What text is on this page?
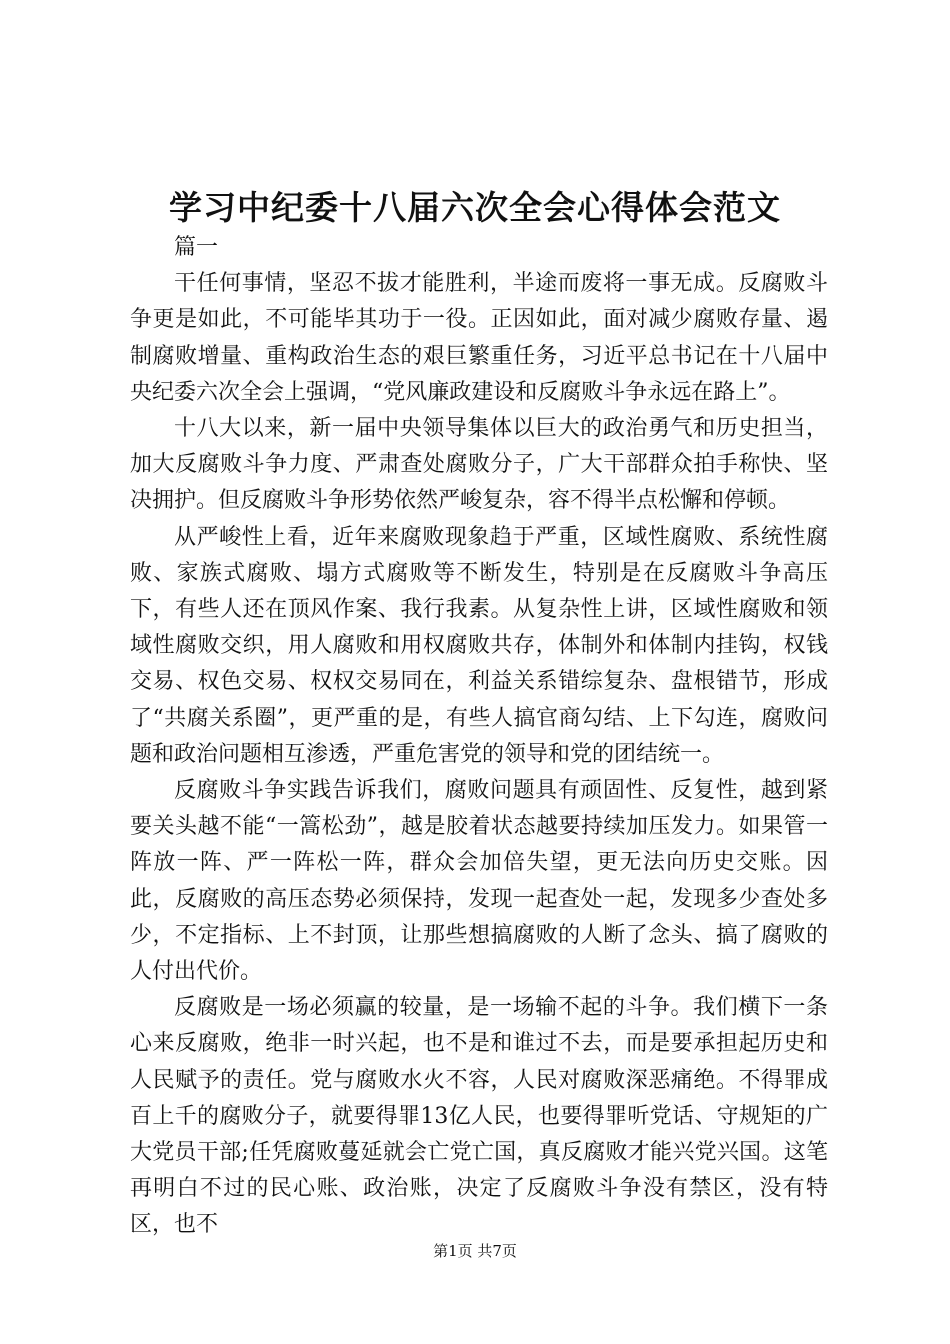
学习中纪委十八届六次全会心得体会范文

篇一

干任何事情，坚忍不拔才能胜利，半途而废将一事无成。反腐败斗争更是如此，不可能毕其功于一役。正因如此，面对减少腐败存量、遏制腐败增量、重构政治生态的艰巨繁重任务，习近平总书记在十八届中央纪委六次全会上强调，“党风廉政建设和反腐败斗争永远在路上”。

十八大以来，新一届中央领导集体以巨大的政治勇气和历史担当，加大反腐败斗争力度、严肃查处腐败分子，广大干部群众拍手称快、坚决拥护。但反腐败斗争形势依然严峻复杂，容不得半点松懈和停顿。

从严峻性上看，近年来腐败现象趋于严重，区域性腐败、系统性腐败、家族式腐败、塌方式腐败等不断发生，特别是在反腐败斗争高压下，有些人还在顶风作案、我行我素。从复杂性上讲，区域性腐败和领域性腐败交织，用人腐败和用权腐败共存，体制外和体制内挂钩，权钱交易、权色交易、权权交易同在，利益关系错综复杂、盘根错节，形成了“共腐关系圈”，更严重的是，有些人搞官商勾结、上下勾连，腐败问题和政治问题相互渗透，严重危害党的领导和党的团结统一。

反腐败斗争实践告诉我们，腐败问题具有顽固性、反复性，越到紧要关头越不能“一篙松劲”，越是胶着状态越要持续加压发力。如果管一阵放一阵、严一阵松一阵，群众会加倍失望，更无法向历史交账。因此，反腐败的高压态势必须保持，发现一起查处一起，发现多少查处多少，不定指标、上不封顶，让那些想搞腐败的人断了念头、搞了腐败的人付出代价。

反腐败是一场必须赢的较量，是一场输不起的斗争。我们横下一条心来反腐败，绝非一时兴起，也不是和谁过不去，而是要承担起历史和人民赋予的责任。党与腐败水火不容，人民对腐败深恶痛绝。不得罪成百上千的腐败分子，就要得罪13亿人民，也要得罪听党话、守规矩的广大党员干部;任凭腐败蔓延就会亡党亡国，真反腐败才能兴党兴国。这笔再明白不过的民心账、政治账，决定了反腐败斗争没有禁区，没有特区，也不

第1页 共7页
